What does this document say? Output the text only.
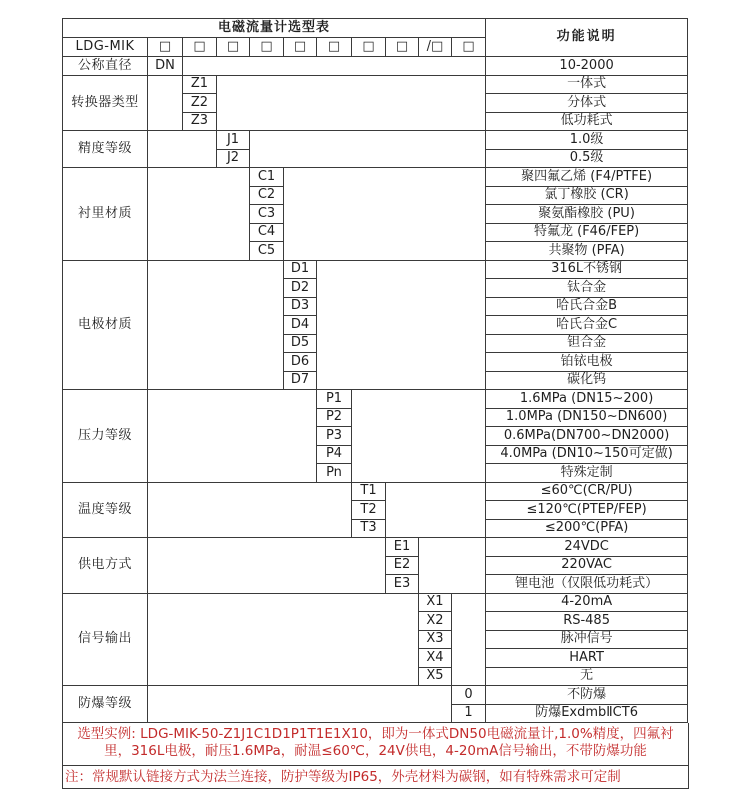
电磁流量计选型表											功能说明
LDG-MIK	□	□	□	□	□	□	□	□	/□	□	
公称直径	DN										10-2000
转换器类型		Z1									一体式
		Z2									分体式
		Z3									低功耗式
精度等级			J1								1.0级
			J2								0.5级
衬里材质				C1							聚四氟乙烯 (F4/PTFE)
				C2							氯丁橡胶 (CR)
				C3							聚氨酯橡胶 (PU)
				C4							特氟龙 (F46/FEP)
				C5							共聚物 (PFA)
电极材质					D1						316L不锈钢
					D2						钛合金
					D3						哈氏合金B
					D4						哈氏合金C
					D5						钽合金
					D6						铂铱电极
					D7						碳化钨
压力等级						P1					1.6MPa (DN15~200)
						P2					1.0MPa (DN150~DN600)
						P3					0.6MPa(DN700~DN2000)
						P4					4.0MPa (DN10~150可定做)
						Pn					特殊定制
温度等级							T1				≤60℃(CR/PU)
							T2				≤120℃(PTEP/FEP)
							T3				≤200℃(PFA)
供电方式								E1			24VDC
								E2			220VAC
								E3			锂电池（仅限低功耗式）
信号输出									X1		4-20mA
									X2		RS-485
									X3		脉冲信号
									X4		HART
									X5		无
防爆等级										0	不防爆
										1	防爆ExdmbⅡCT6
选型实例: LDG-MIK-50-Z1J1C1D1P1T1E1X10，即为一体式DN50电磁流量计,1.0%精度，四氟衬里，316L电极，耐压1.6MPa，耐温≤60℃，24V供电，4-20mA信号输出，不带防爆功能
注：常规默认链接方式为法兰连接，防护等级为IP65，外壳材料为碳钢，如有特殊需求可定制
